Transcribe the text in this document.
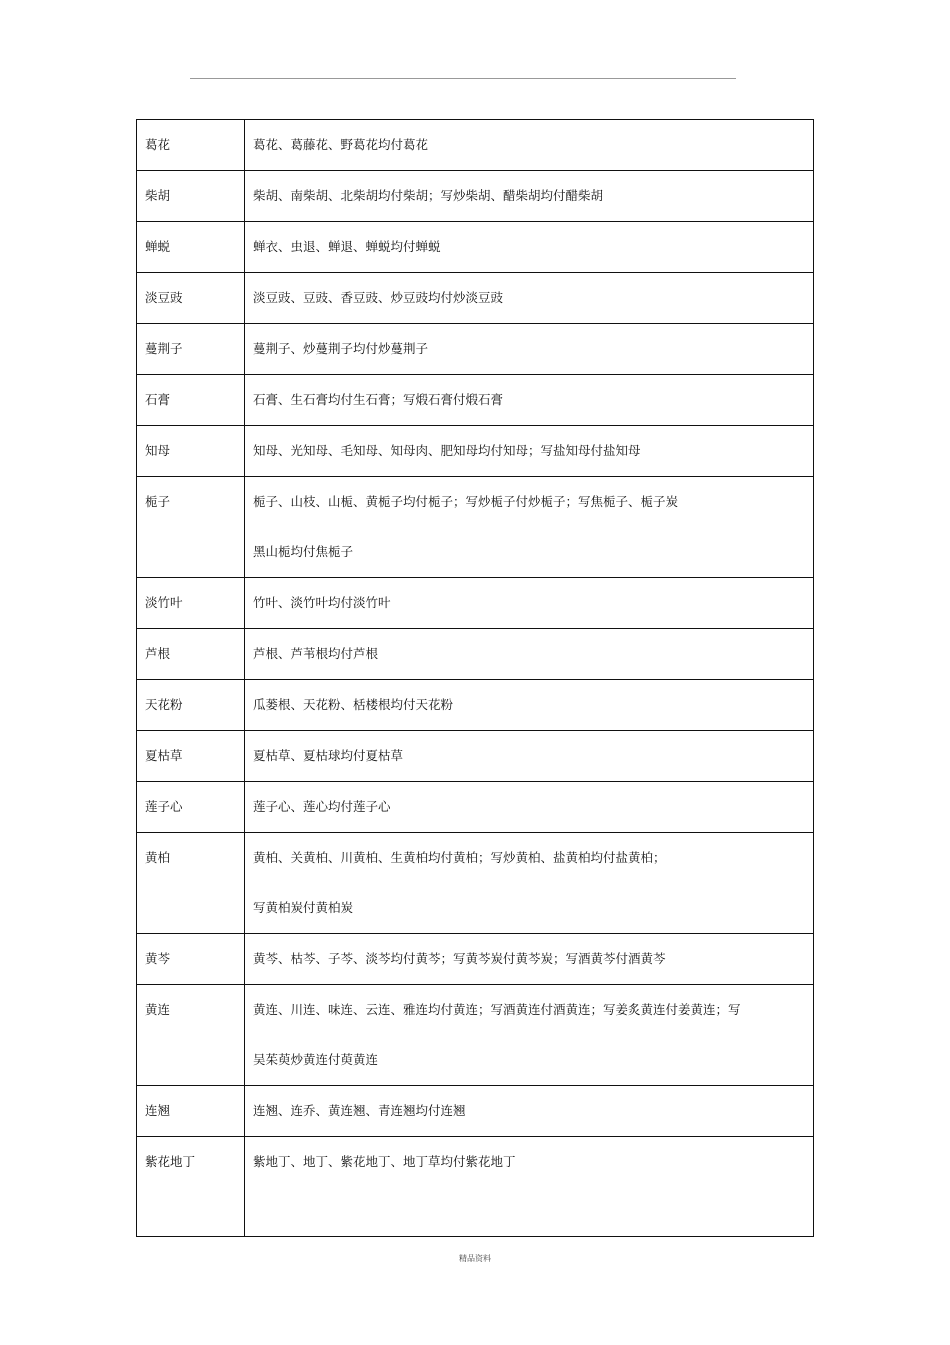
葛花	葛花、葛藤花、野葛花均付葛花

柴胡	柴胡、南柴胡、北柴胡均付柴胡；写炒柴胡、醋柴胡均付醋柴胡

蝉蜕	蝉衣、虫退、蝉退、蝉蜕均付蝉蜕

淡豆豉	淡豆豉、豆豉、香豆豉、炒豆豉均付炒淡豆豉

蔓荆子	蔓荆子、炒蔓荆子均付炒蔓荆子

石膏	石膏、生石膏均付生石膏；写煅石膏付煅石膏

知母	知母、光知母、毛知母、知母肉、肥知母均付知母；写盐知母付盐知母

栀子	栀子、山枝、山栀、黄栀子均付栀子；写炒栀子付炒栀子；写焦栀子、栀子炭
黑山栀均付焦栀子

淡竹叶	竹叶、淡竹叶均付淡竹叶

芦根	芦根、芦苇根均付芦根

天花粉	瓜蒌根、天花粉、栝楼根均付天花粉

夏枯草	夏枯草、夏枯球均付夏枯草

莲子心	莲子心、莲心均付莲子心

黄柏	黄柏、关黄柏、川黄柏、生黄柏均付黄柏；写炒黄柏、盐黄柏均付盐黄柏；
写黄柏炭付黄柏炭

黄芩	黄芩、枯芩、子芩、淡芩均付黄芩；写黄芩炭付黄芩炭；写酒黄芩付酒黄芩

黄连	黄连、川连、味连、云连、雅连均付黄连；写酒黄连付酒黄连；写姜炙黄连付姜黄连；写
吴茱萸炒黄连付萸黄连

连翘	连翘、连乔、黄连翘、青连翘均付连翘

紫花地丁	紫地丁、地丁、紫花地丁、地丁草均付紫花地丁
精品资料
